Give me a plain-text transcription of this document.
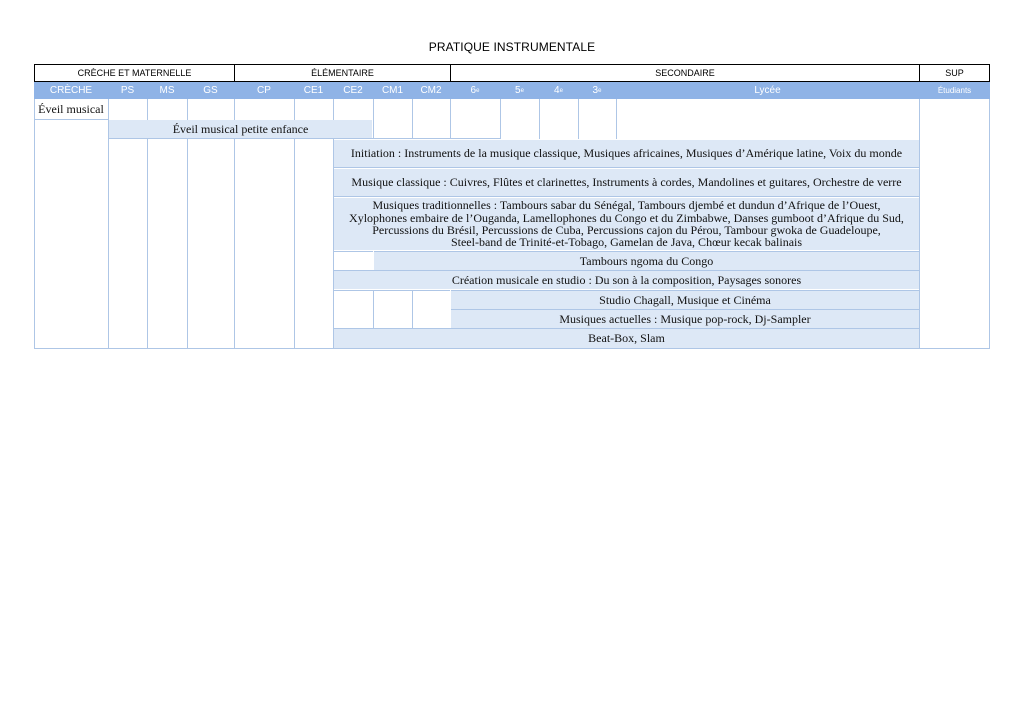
PRATIQUE INSTRUMENTALE
CRÈCHE ET MATERNELLE	ÉLÉMENTAIRE	SECONDAIRE	SUP
CRÈCHE	PS	MS	GS	CP	CE1 CE2 CM1 CM2	6 e	5 e	4 e	3 e	Lycée	Étudiants
Éveil musical
Éveil musical petite enfance
Initiation : Instruments de la musique classique, Musiques africaines, Musiques d’Amérique latine, Voix du monde
Musique classique : Cuivres, Flûtes et clarinettes, Instruments à cordes, Mandolines et guitares, Orchestre de verre
Musiques traditionnelles : Tambours sabar du Sénégal, Tambours djembé et dundun d’Afrique de l’Ouest,
Xylophones embaire de l’Ouganda, Lamellophones du Congo et du Zimbabwe, Danses gumboot d’Afrique du Sud,
Percussions du Brésil, Percussions de Cuba, Percussions cajon du Pérou, Tambour gwoka de Guadeloupe,
Steel-band de Trinité-et-Tobago, Gamelan de Java, Chœur kecak balinais
Tambours ngoma du Congo
Création musicale en studio : Du son à la composition, Paysages sonores
Studio Chagall, Musique et Cinéma
Musiques actuelles : Musique pop-rock, Dj-Sampler
Beat-Box, Slam
